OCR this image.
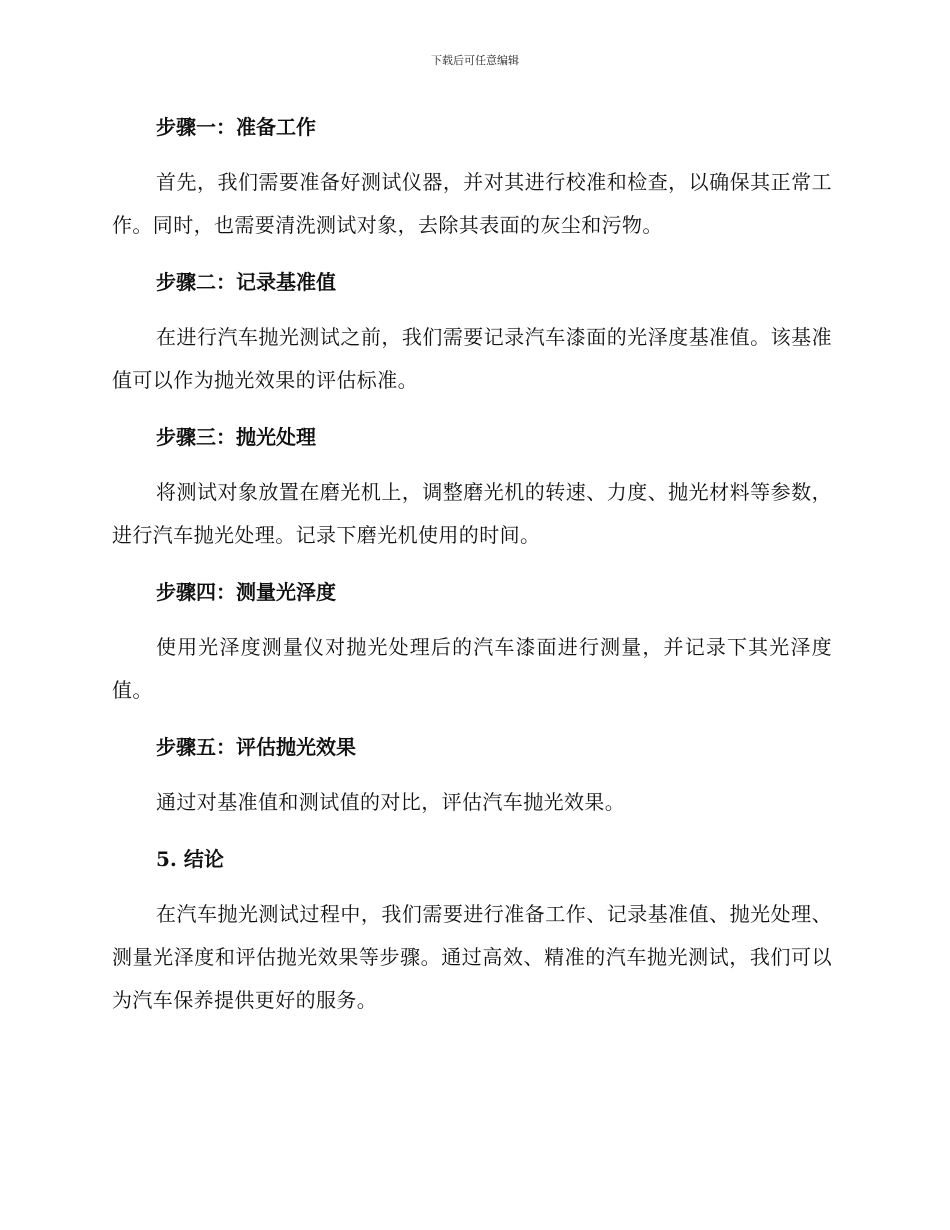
下载后可任意编辑
步骤一：准备工作

首先，我们需要准备好测试仪器，并对其进行校准和检查，以确保其正常工作。同时，也需要清洗测试对象，去除其表面的灰尘和污物。

步骤二：记录基准值

在进行汽车抛光测试之前，我们需要记录汽车漆面的光泽度基准值。该基准值可以作为抛光效果的评估标准。

步骤三：抛光处理

将测试对象放置在磨光机上，调整磨光机的转速、力度、抛光材料等参数，进行汽车抛光处理。记录下磨光机使用的时间。

步骤四：测量光泽度

使用光泽度测量仪对抛光处理后的汽车漆面进行测量，并记录下其光泽度值。

步骤五：评估抛光效果

通过对基准值和测试值的对比，评估汽车抛光效果。

5. 结论

在汽车抛光测试过程中，我们需要进行准备工作、记录基准值、抛光处理、测量光泽度和评估抛光效果等步骤。通过高效、精准的汽车抛光测试，我们可以为汽车保养提供更好的服务。
